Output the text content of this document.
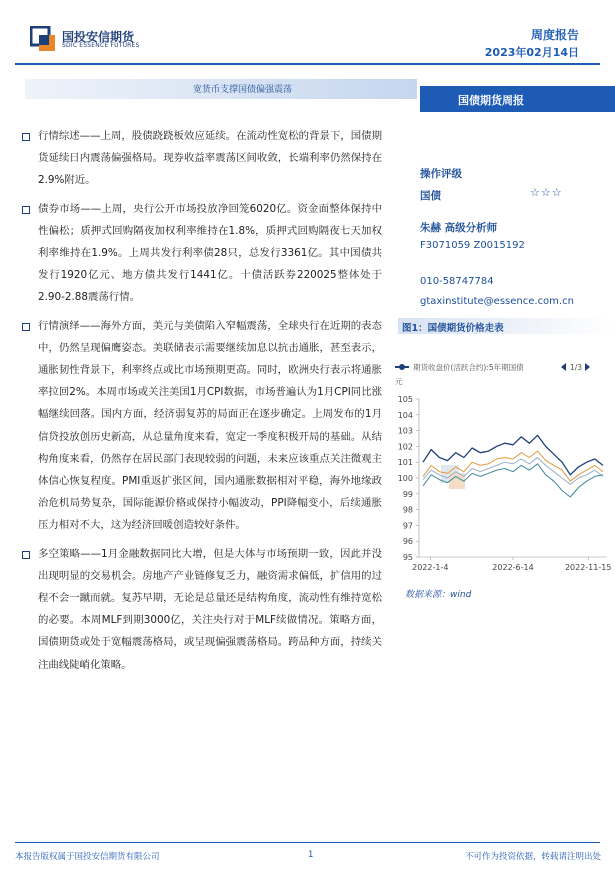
国投安信期货
SDIC ESSENCE FUTURES
周度报告
2023年02月14日
宽货币支撑国债偏强震荡
国债期货周报
行情综述——上周，股债跷跷板效应延续。在流动性宽松的背景下，国债期货延续日内震荡偏强格局。现券收益率震荡区间收敛，长端利率仍然保持在2.9%附近。
债券市场——上周，央行公开市场投放净回笼6020亿。资金面整体保持中性偏松；质押式回购隔夜加权利率维持在1.8%，质押式回购隔夜七天加权利率维持在1.9%。上周共发行利率债28只，总发行3361亿。其中国债共发行1920亿元、地方债共发行1441亿。十债活跃券220025整体处于2.90-2.88震荡行情。
行情演绎——海外方面，美元与美债陷入窄幅震荡，全球央行在近期的表态中，仍然呈现偏鹰姿态。美联储表示需要继续加息以抗击通胀，甚至表示，通胀韧性背景下，利率终点或比市场预期更高。同时，欧洲央行表示将通胀率拉回2%。本周市场或关注美国1月CPI数据，市场普遍认为1月CPI同比涨幅继续回落。国内方面，经济弱复苏的局面正在逐步确定。上周发布的1月信贷投放创历史新高，从总量角度来看，宽定一季度积极开局的基础。从结构角度来看，仍然存在居民部门表现较弱的问题，未来应该重点关注微观主体信心恢复程度。PMI重返扩张区间，国内通胀数据相对平稳，海外地缘政治危机局势复杂，国际能源价格或保持小幅波动，PPI降幅变小，后续通胀压力相对不大，这为经济回暖创造较好条件。
多空策略——1月金融数据同比大增，但是大体与市场预期一致，因此并没出现明显的交易机会。房地产产业链修复乏力，融资需求偏低，扩信用的过程不会一蹴而就。复苏早期，无论是总量还是结构角度，流动性有维持宽松的必要。本周MLF到期3000亿，关注央行对于MLF续做情况。策略方面，国债期货或处于宽幅震荡格局，或呈现偏强震荡格局。跨品种方面，持续关注曲线陡峭化策略。
操作评级
国债	☆☆☆
朱赫 高级分析师
F3071059 Z0015192
010-58747784
gtaxinstitute@essence.com.cn
图1：国债期货价格走表
期货收盘价(活跃合约):5年期国债	1/3
元
95
96
97
98
99
100
101
102
103
104
105
2022-1-4	2022-6-14	2022-11-15
数据来源：wind
本报告版权属于国投安信期货有限公司	1	不可作为投资依据，转载请注明出处
